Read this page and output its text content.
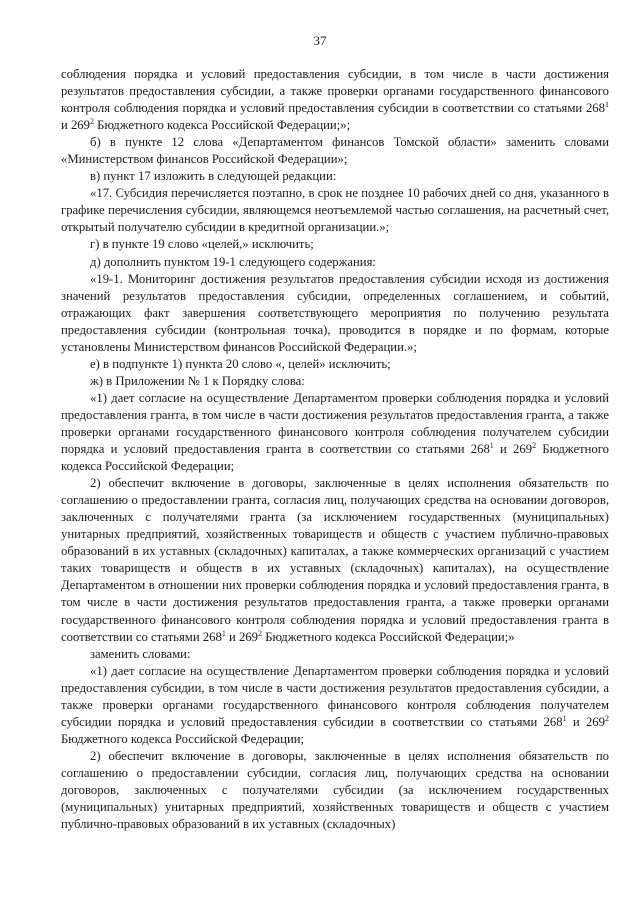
37

соблюдения порядка и условий предоставления субсидии, в том числе в части достижения результатов предоставления субсидии, а также проверки органами государственного финансового контроля соблюдения порядка и условий предоставления субсидии в соответствии со статьями $268^1$ и $269^2$ Бюджетного кодекса Российской Федерации;»;

б) в пункте 12 слова «Департаментом финансов Томской области» заменить словами «Министерством финансов Российской Федерации»;

в) пункт 17 изложить в следующей редакции:

«17. Субсидия перечисляется поэтапно, в срок не позднее 10 рабочих дней со дня, указанного в графике перечисления субсидии, являющемся неотъемлемой частью соглашения, на расчетный счет, открытый получателю субсидии в кредитной организации.»;

г) в пункте 19 слово «целей,» исключить;

д) дополнить пунктом 19-1 следующего содержания:

«19-1. Мониторинг достижения результатов предоставления субсидии исходя из достижения значений результатов предоставления субсидии, определенных соглашением, и событий, отражающих факт завершения соответствующего мероприятия по получению результата предоставления субсидии (контрольная точка), проводится в порядке и по формам, которые установлены Министерством финансов Российской Федерации.»;

е) в подпункте 1) пункта 20 слово «, целей» исключить;

ж) в Приложении № 1 к Порядку слова:

«1) дает согласие на осуществление Департаментом проверки соблюдения порядка и условий предоставления гранта, в том числе в части достижения результатов предоставления гранта, а также проверки органами государственного финансового контроля соблюдения получателем субсидии порядка и условий предоставления гранта в соответствии со статьями $268^1$ и $269^2$ Бюджетного кодекса Российской Федерации;

2) обеспечит включение в договоры, заключенные в целях исполнения обязательств по соглашению о предоставлении гранта, согласия лиц, получающих средства на основании договоров, заключенных с получателями гранта (за исключением государственных (муниципальных) унитарных предприятий, хозяйственных товариществ и обществ с участием публично-правовых образований в их уставных (складочных) капиталах, а также коммерческих организаций с участием таких товариществ и обществ в их уставных (складочных) капиталах), на осуществление Департаментом в отношении них проверки соблюдения порядка и условий предоставления гранта, в том числе в части достижения результатов предоставления гранта, а также проверки органами государственного финансового контроля соблюдения порядка и условий предоставления гранта в соответствии со статьями $268^1$ и $269^2$ Бюджетного кодекса Российской Федерации;»

заменить словами:

«1) дает согласие на осуществление Департаментом проверки соблюдения порядка и условий предоставления субсидии, в том числе в части достижения результатов предоставления субсидии, а также проверки органами государственного финансового контроля соблюдения получателем субсидии порядка и условий предоставления субсидии в соответствии со статьями $268^1$ и $269^2$ Бюджетного кодекса Российской Федерации;

2) обеспечит включение в договоры, заключенные в целях исполнения обязательств по соглашению о предоставлении субсидии, согласия лиц, получающих средства на основании договоров, заключенных с получателями субсидии (за исключением государственных (муниципальных) унитарных предприятий, хозяйственных товариществ и обществ с участием публично-правовых образований в их уставных (складочных)
